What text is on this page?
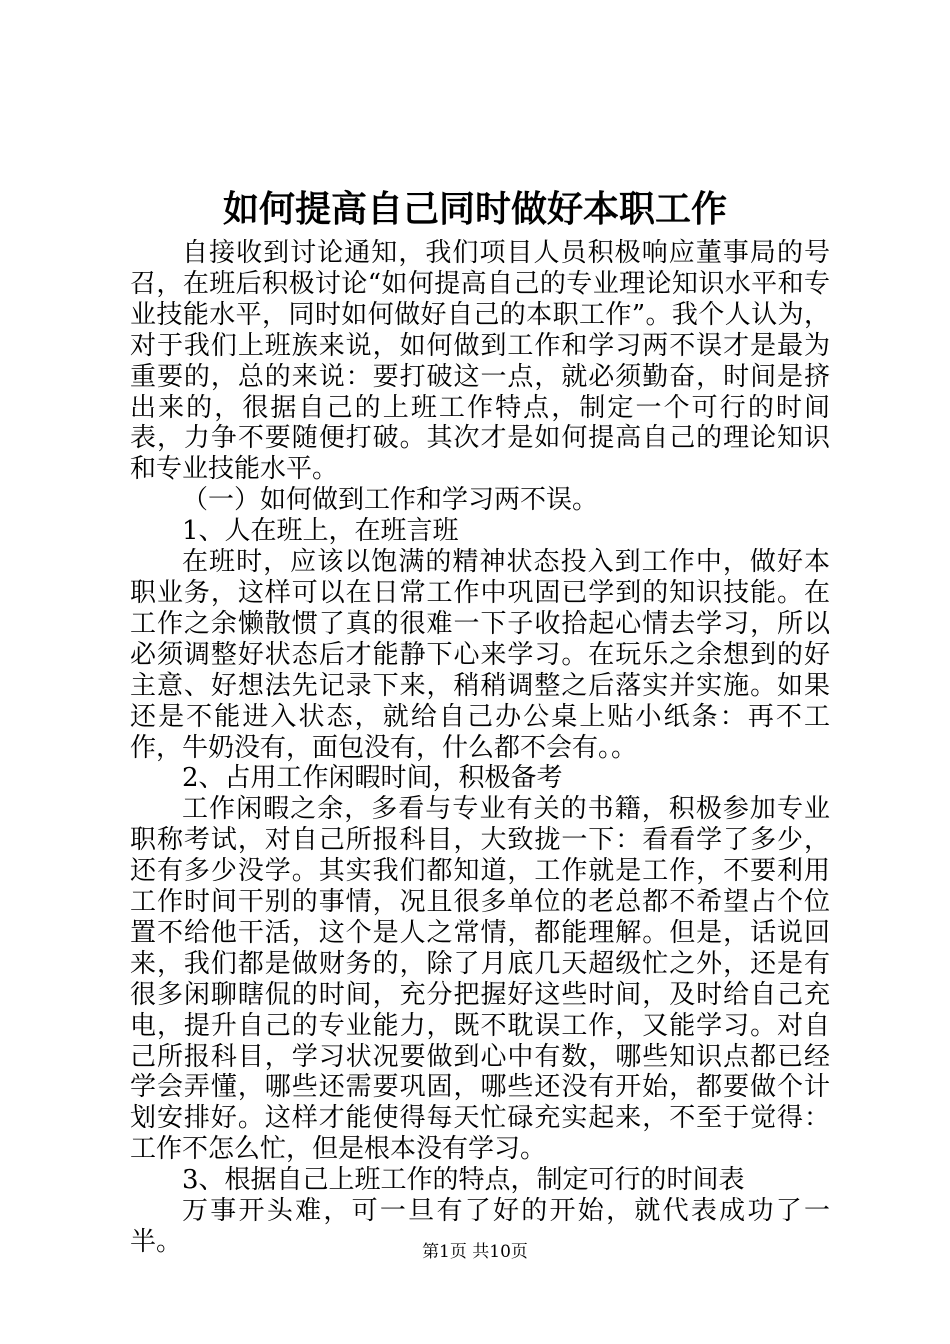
如何提高自己同时做好本职工作

自接收到讨论通知，我们项目人员积极响应董事局的号召，在班后积极讨论“如何提高自己的专业理论知识水平和专业技能水平，同时如何做好自己的本职工作”。我个人认为，对于我们上班族来说，如何做到工作和学习两不误才是最为重要的，总的来说：要打破这一点，就必须勤奋，时间是挤出来的，很据自己的上班工作特点，制定一个可行的时间表，力争不要随便打破。其次才是如何提高自己的理论知识和专业技能水平。

（一）如何做到工作和学习两不误。

1、人在班上，在班言班

在班时，应该以饱满的精神状态投入到工作中，做好本职业务，这样可以在日常工作中巩固已学到的知识技能。在工作之余懒散惯了真的很难一下子收拾起心情去学习，所以必须调整好状态后才能静下心来学习。在玩乐之余想到的好主意、好想法先记录下来，稍稍调整之后落实并实施。如果还是不能进入状态，就给自己办公桌上贴小纸条：再不工作，牛奶没有，面包没有，什么都不会有。。

2、占用工作闲暇时间，积极备考

工作闲暇之余，多看与专业有关的书籍，积极参加专业职称考试，对自己所报科目，大致拢一下：看看学了多少，还有多少没学。其实我们都知道，工作就是工作，不要利用工作时间干别的事情，况且很多单位的老总都不希望占个位置不给他干活，这个是人之常情，都能理解。但是，话说回来，我们都是做财务的，除了月底几天超级忙之外，还是有很多闲聊瞎侃的时间，充分把握好这些时间，及时给自己充电，提升自己的专业能力，既不耽误工作，又能学习。对自己所报科目，学习状况要做到心中有数，哪些知识点都已经学会弄懂，哪些还需要巩固，哪些还没有开始，都要做个计划安排好。这样才能使得每天忙碌充实起来，不至于觉得：工作不怎么忙，但是根本没有学习。

3、根据自己上班工作的特点，制定可行的时间表

万事开头难，可一旦有了好的开始，就代表成功了一半。	第1页 共10页
